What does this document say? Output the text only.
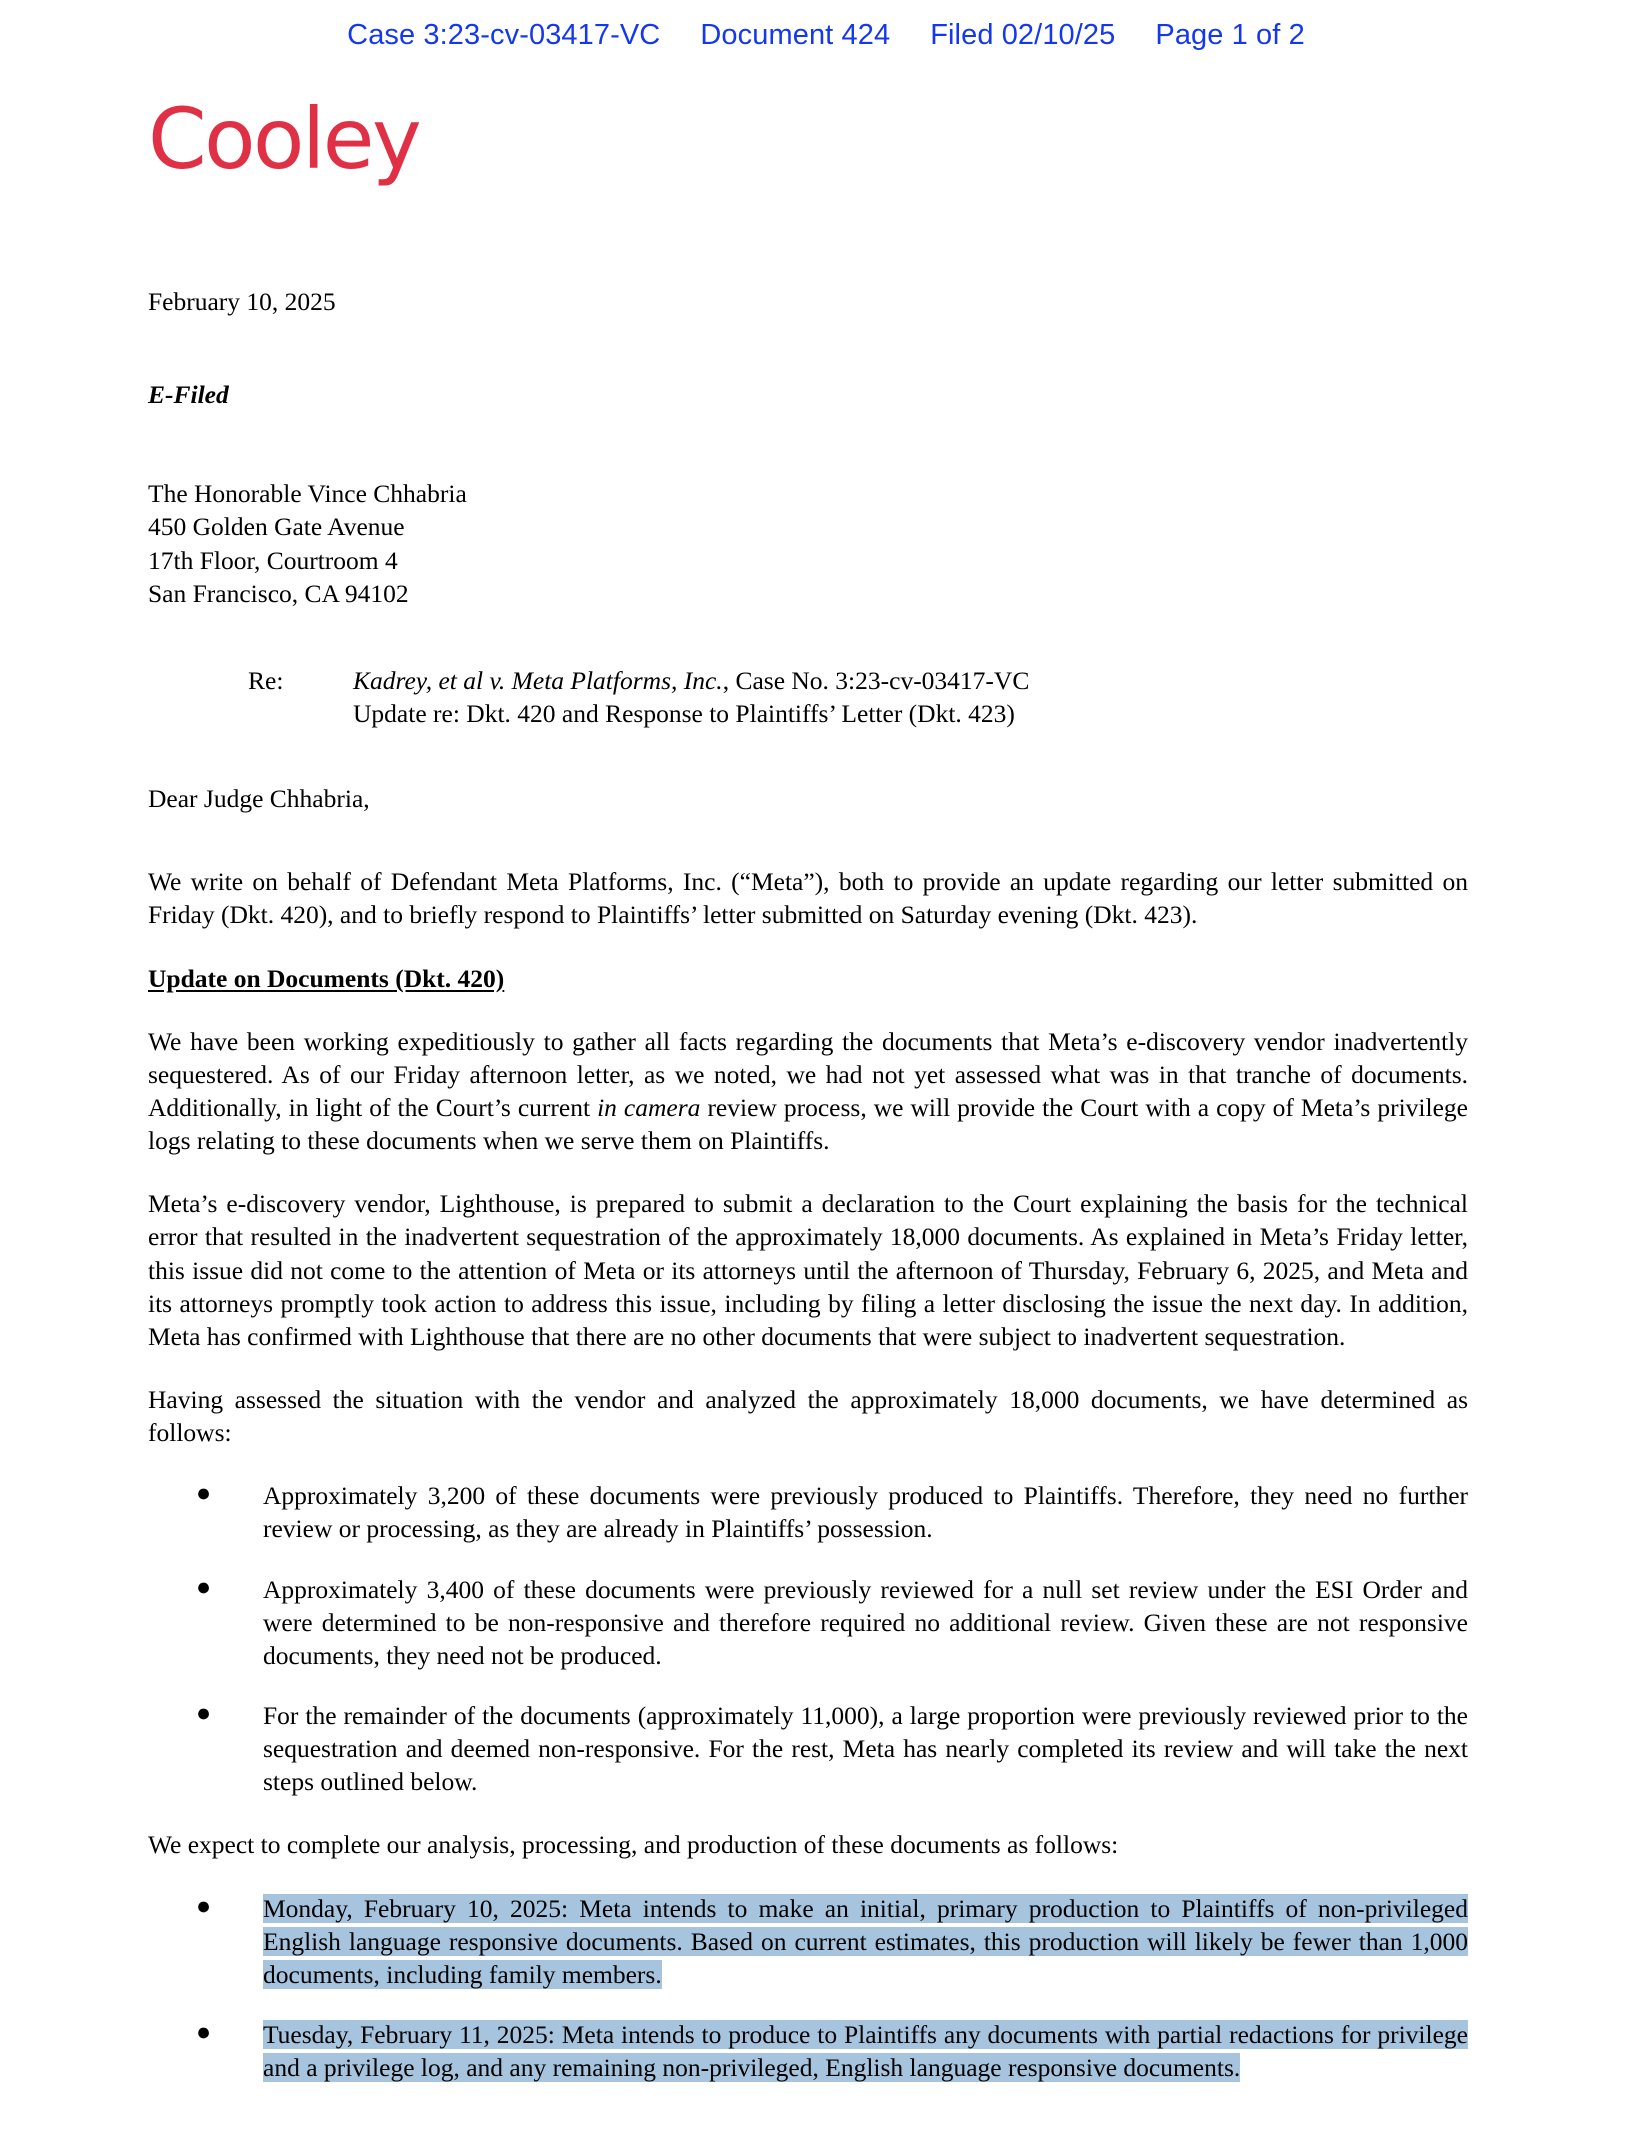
Case 3:23-cv-03417-VC Document 424 Filed 02/10/25 Page 1 of 2
Cooley
February 10, 2025
E-Filed
The Honorable Vince Chhabria
450 Golden Gate Avenue
17th Floor, Courtroom 4
San Francisco, CA 94102
Re:	Kadrey, et al v. Meta Platforms, Inc., Case No. 3:23-cv-03417-VC
Update re: Dkt. 420 and Response to Plaintiffs’ Letter (Dkt. 423)
Dear Judge Chhabria,

We write on behalf of Defendant Meta Platforms, Inc. (“Meta”), both to provide an update regarding our letter submitted on Friday (Dkt. 420), and to briefly respond to Plaintiffs’ letter submitted on Saturday evening (Dkt. 423).

Update on Documents (Dkt. 420)

We have been working expeditiously to gather all facts regarding the documents that Meta’s e-discovery vendor inadvertently sequestered. As of our Friday afternoon letter, as we noted, we had not yet assessed what was in that tranche of documents. Additionally, in light of the Court’s current in camera review process, we will provide the Court with a copy of Meta’s privilege logs relating to these documents when we serve them on Plaintiffs.

Meta’s e-discovery vendor, Lighthouse, is prepared to submit a declaration to the Court explaining the basis for the technical error that resulted in the inadvertent sequestration of the approximately 18,000 documents. As explained in Meta’s Friday letter, this issue did not come to the attention of Meta or its attorneys until the afternoon of Thursday, February 6, 2025, and Meta and its attorneys promptly took action to address this issue, including by filing a letter disclosing the issue the next day. In addition, Meta has confirmed with Lighthouse that there are no other documents that were subject to inadvertent sequestration.

Having assessed the situation with the vendor and analyzed the approximately 18,000 documents, we have determined as follows:

● Approximately 3,200 of these documents were previously produced to Plaintiffs. Therefore, they need no further review or processing, as they are already in Plaintiffs’ possession.
● Approximately 3,400 of these documents were previously reviewed for a null set review under the ESI Order and were determined to be non-responsive and therefore required no additional review. Given these are not responsive documents, they need not be produced.
● For the remainder of the documents (approximately 11,000), a large proportion were previously reviewed prior to the sequestration and deemed non-responsive. For the rest, Meta has nearly completed its review and will take the next steps outlined below.

We expect to complete our analysis, processing, and production of these documents as follows:

● Monday, February 10, 2025: Meta intends to make an initial, primary production to Plaintiffs of non-privileged English language responsive documents. Based on current estimates, this production will likely be fewer than 1,000 documents, including family members.
● Tuesday, February 11, 2025: Meta intends to produce to Plaintiffs any documents with partial redactions for privilege and a privilege log, and any remaining non-privileged, English language responsive documents.
